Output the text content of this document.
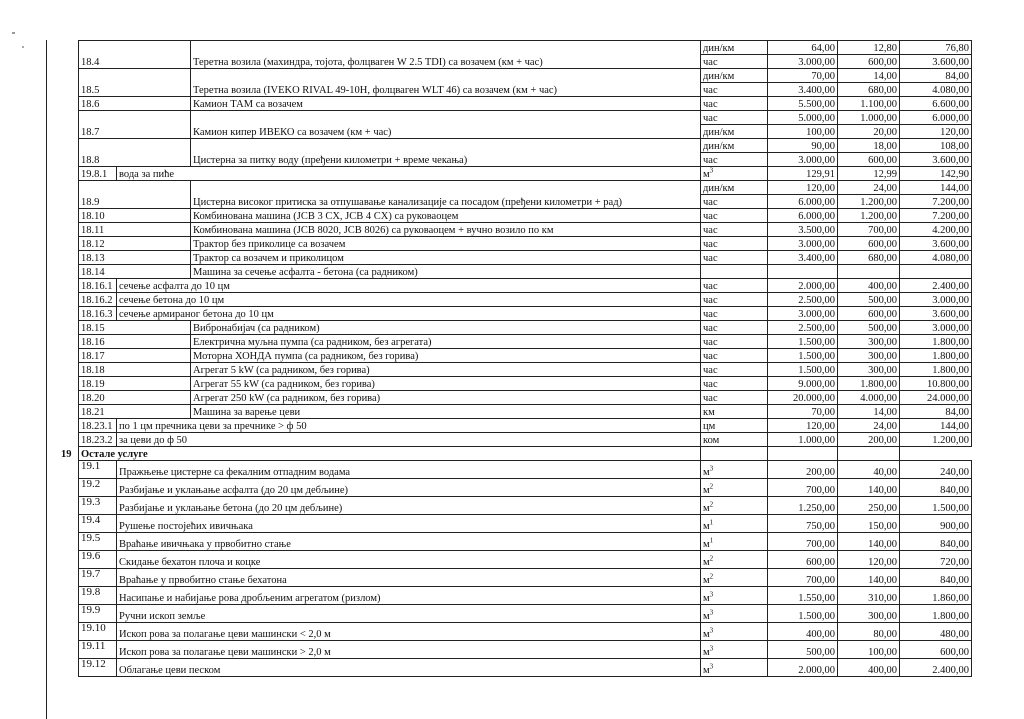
18.4		Теретна возила (махиндра, тојота, фолцваген W 2.5 TDI) са возачем (км + час)	дин/км	64,00	12,80	76,80
			час	3.000,00	600,00	3.600,00
18.5		Теретна возила (IVEKO RIVAL 49-10H, фолцваген WLT 46) са возачем (км + час)	дин/км	70,00	14,00	84,00
			час	3.400,00	680,00	4.080,00
18.6		Камион ТАМ са возачем	час	5.500,00	1.100,00	6.600,00
18.7		Камион кипер ИВЕКО са возачем (км + час)	час	5.000,00	1.000,00	6.000,00
			дин/км	100,00	20,00	120,00
18.8		Цистерна за питку воду (пређени километри + време чекања)	дин/км	90,00	18,00	108,00
			час	3.000,00	600,00	3.600,00
19.8.1	вода за пиће		$м^3$	129,91	12,99	142,90
18.9		Цистерна високог притиска за отпушавање канализације са посадом (пређени километри + рад)	дин/км	120,00	24,00	144,00
			час	6.000,00	1.200,00	7.200,00
18.10		Комбинована машина (JCB 3 CX, JCB 4 CX) са руковаоцем	час	6.000,00	1.200,00	7.200,00
18.11		Комбинована машина (JCB 8020, JCB 8026) са руковаоцем + вучно возило по км	час	3.500,00	700,00	4.200,00
18.12		Трактор без приколице са возачем	час	3.000,00	600,00	3.600,00
18.13		Трактор са возачем и приколицом	час	3.400,00	680,00	4.080,00
18.14		Машина за сечење асфалта - бетона (са радником)				
18.16.1	сечење асфалта до 10 цм		час	2.000,00	400,00	2.400,00
18.16.2	сечење бетона до 10 цм		час	2.500,00	500,00	3.000,00
18.16.3	сечење армираног бетона до 10 цм		час	3.000,00	600,00	3.600,00
18.15		Вибронабијач (са радником)	час	2.500,00	500,00	3.000,00
18.16		Електрична муљна пумпа (са радником, без агрегата)	час	1.500,00	300,00	1.800,00
18.17		Моторна ХОНДА пумпа (са радником, без горива)	час	1.500,00	300,00	1.800,00
18.18		Агрегат 5 kW (са радником, без горива)	час	1.500,00	300,00	1.800,00
18.19		Агрегат 55 kW (са радником, без горива)	час	9.000,00	1.800,00	10.800,00
18.20		Агрегат 250 kW (са радником, без горива)	час	20.000,00	4.000,00	24.000,00
18.21		Машина за варење цеви	км	70,00	14,00	84,00
18.23.1	по 1 цм пречника цеви за пречнике > ф 50		цм	120,00	24,00	144,00
18.23.2	за цеви до ф 50		ком	1.000,00	200,00	1.200,00

19 Остале услуге						
19.1	Пражњење цистерне са фекалним отпадним водама		$м^3$	200,00	40,00	240,00
19.2	Разбијање и уклањање асфалта (до 20 цм дебљине)		$м^2$	700,00	140,00	840,00
19.3	Разбијање и уклањање бетона (до 20 цм дебљине)		$м^2$	1.250,00	250,00	1.500,00
19.4	Рушење постојећих ивичњака		$м^1$	750,00	150,00	900,00
19.5	Враћање ивичњака у првобитно стање		$м^1$	700,00	140,00	840,00
19.6	Скидање бехатон плоча и коцке		$м^2$	600,00	120,00	720,00
19.7	Враћање у првобитно стање бехатона		$м^2$	700,00	140,00	840,00
19.8	Насипање и набијање рова дробљеним агрегатом (ризлом)		$м^3$	1.550,00	310,00	1.860,00
19.9	Ручни ископ земље		$м^3$	1.500,00	300,00	1.800,00
19.10	Ископ рова за полагање цеви машински < 2,0 м		$м^3$	400,00	80,00	480,00
19.11	Ископ рова за полагање цеви машински > 2,0 м		$м^3$	500,00	100,00	600,00
19.12	Облагање цеви песком		$м^3$	2.000,00	400,00	2.400,00
